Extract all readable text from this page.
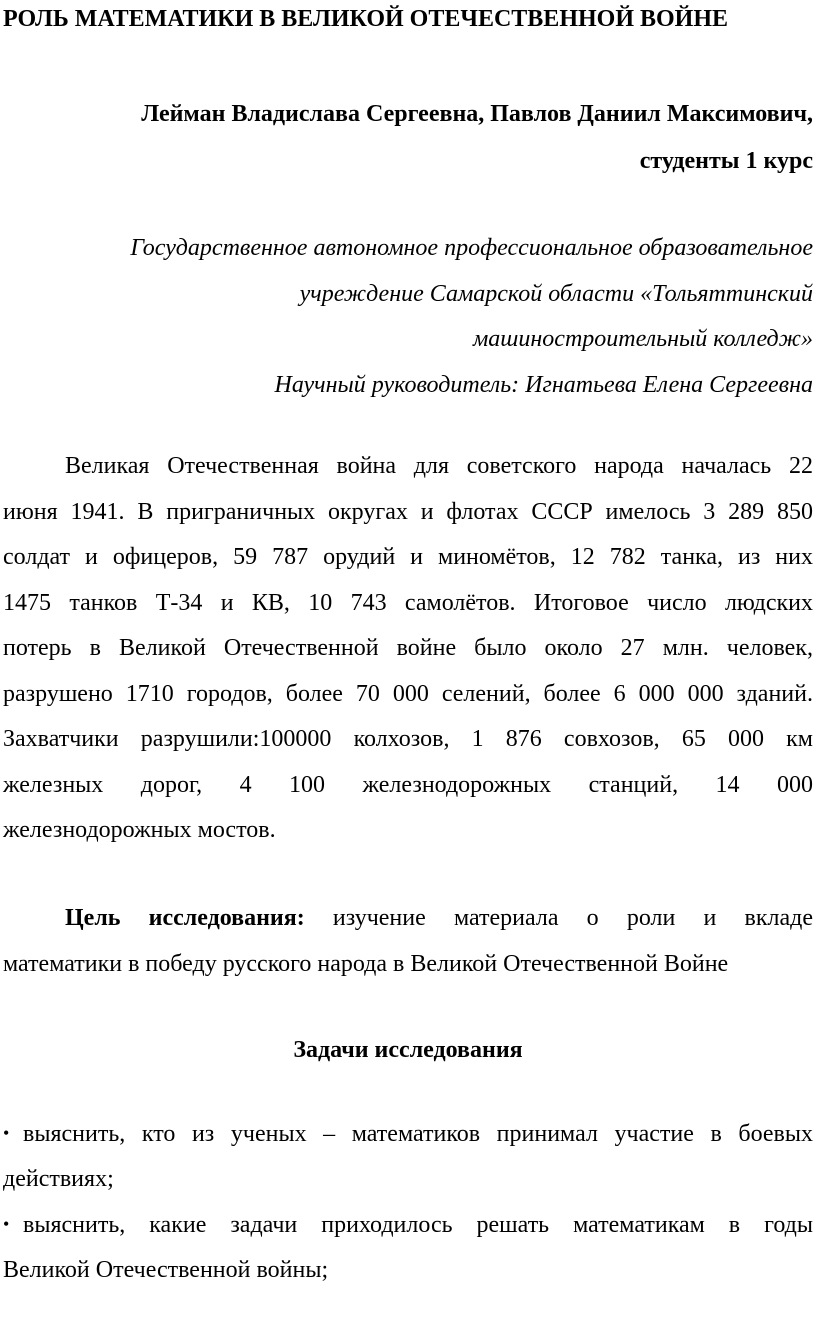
РОЛЬ МАТЕМАТИКИ В ВЕЛИКОЙ ОТЕЧЕСТВЕННОЙ ВОЙНЕ
Лейман Владислава Сергеевна, Павлов Даниил Максимович,
студенты 1 курс
Государственное автономное профессиональное образовательное
учреждение Самарской области «Тольяттинский
машиностроительный колледж»
Научный руководитель: Игнатьева Елена Сергеевна
Великая Отечественная война для советского народа началась 22
июня 1941. В приграничных округах и флотах СССР имелось 3 289 850
солдат и офицеров, 59 787 орудий и миномётов, 12 782 танка, из них
1475 танков Т-34 и КВ, 10 743 самолётов. Итоговое число людских
потерь в Великой Отечественной войне было около 27 млн. человек,
разрушено 1710 городов, более 70 000 селений, более 6 000 000 зданий.
Захватчики разрушили:100000 колхозов, 1 876 совхозов, 65 000 км
железных дорог, 4 100 железнодорожных станций, 14 000
железнодорожных мостов.
Цель исследования: изучение материала о роли и вкладе
математики в победу русского народа в Великой Отечественной Войне
Задачи исследования
• выяснить, кто из ученых – математиков принимал участие в боевых
действиях;
• выяснить, какие задачи приходилось решать математикам в годы
Великой Отечественной войны;
